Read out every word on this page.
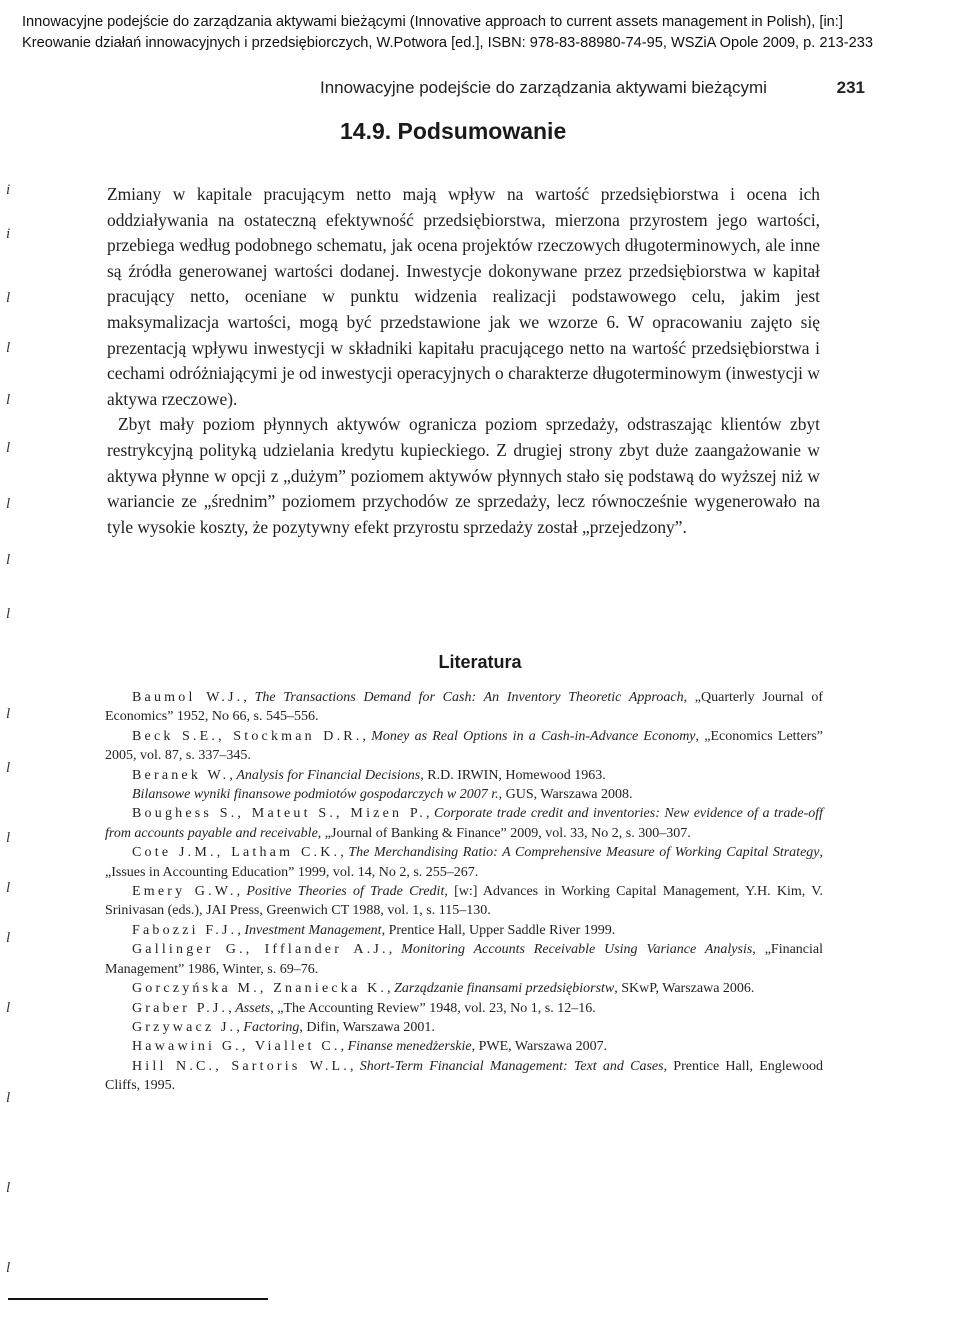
i
i
l
l
l
l
l
l
l
l
l
l
l
l
l
l
l
l
Innowacyjne podejście do zarządzania aktywami bieżącymi (Innovative approach to current assets management in Polish), [in:]
Kreowanie działań innowacyjnych i przedsiębiorczych, W.Potwora [ed.], ISBN: 978-83-88980-74-95, WSZiA Opole 2009, p. 213-233
Innowacyjne podejście do zarządzania aktywami bieżącymi	231
14.9. Podsumowanie

Zmiany w kapitale pracującym netto mają wpływ na wartość przedsiębiorstwa i ocena ich oddziaływania na ostateczną efektywność przedsiębiorstwa, mierzona przyrostem jego wartości, przebiega według podobnego schematu, jak ocena projektów rzeczowych długoterminowych, ale inne są źródła generowanej wartości dodanej. Inwestycje dokonywane przez przedsiębiorstwa w kapitał pracujący netto, oceniane w punktu widzenia realizacji podstawowego celu, jakim jest maksymalizacja wartości, mogą być przedstawione jak we wzorze 6. W opracowaniu zajęto się prezentacją wpływu inwestycji w składniki kapitału pracującego netto na wartość przedsiębiorstwa i cechami odróżniającymi je od inwestycji operacyjnych o charakterze długoterminowym (inwestycji w aktywa rzeczowe).

Zbyt mały poziom płynnych aktywów ogranicza poziom sprzedaży, odstraszając klientów zbyt restrykcyjną polityką udzielania kredytu kupieckiego. Z drugiej strony zbyt duże zaangażowanie w aktywa płynne w opcji z „dużym” poziomem aktywów płynnych stało się podstawą do wyższej niż w wariancie ze „średnim” poziomem przychodów ze sprzedaży, lecz równocześnie wygenerowało na tyle wysokie koszty, że pozytywny efekt przyrostu sprzedaży został „przejedzony”.

Literatura

Baumol W.J., The Transactions Demand for Cash: An Inventory Theoretic Approach, „Quarterly Journal of Economics” 1952, No 66, s. 545–556.

Beck S.E., Stockman D.R., Money as Real Options in a Cash-in-Advance Economy, „Economics Letters” 2005, vol. 87, s. 337–345.

Beranek W., Analysis for Financial Decisions, R.D. IRWIN, Homewood 1963.

Bilansowe wyniki finansowe podmiotów gospodarczych w 2007 r., GUS, Warszawa 2008.

Boughess S., Mateut S., Mizen P., Corporate trade credit and inventories: New evidence of a trade-off from accounts payable and receivable, „Journal of Banking & Finance” 2009, vol. 33, No 2, s. 300–307.

Cote J.M., Latham C.K., The Merchandising Ratio: A Comprehensive Measure of Working Capital Strategy, „Issues in Accounting Education” 1999, vol. 14, No 2, s. 255–267.

Emery G.W., Positive Theories of Trade Credit, [w:] Advances in Working Capital Management, Y.H. Kim, V. Srinivasan (eds.), JAI Press, Greenwich CT 1988, vol. 1, s. 115–130.

Fabozzi F.J., Investment Management, Prentice Hall, Upper Saddle River 1999.

Gallinger G., Ifflander A.J., Monitoring Accounts Receivable Using Variance Analysis, „Financial Management” 1986, Winter, s. 69–76.

Gorczyńska M., Znaniecka K., Zarządzanie finansami przedsiębiorstw, SKwP, Warszawa 2006.

Graber P.J., Assets, „The Accounting Review” 1948, vol. 23, No 1, s. 12–16.

Grzywacz J., Factoring, Difin, Warszawa 2001.

Hawawini G., Viallet C., Finanse menedżerskie, PWE, Warszawa 2007.

Hill N.C., Sartoris W.L., Short-Term Financial Management: Text and Cases, Prentice Hall, Englewood Cliffs, 1995.
